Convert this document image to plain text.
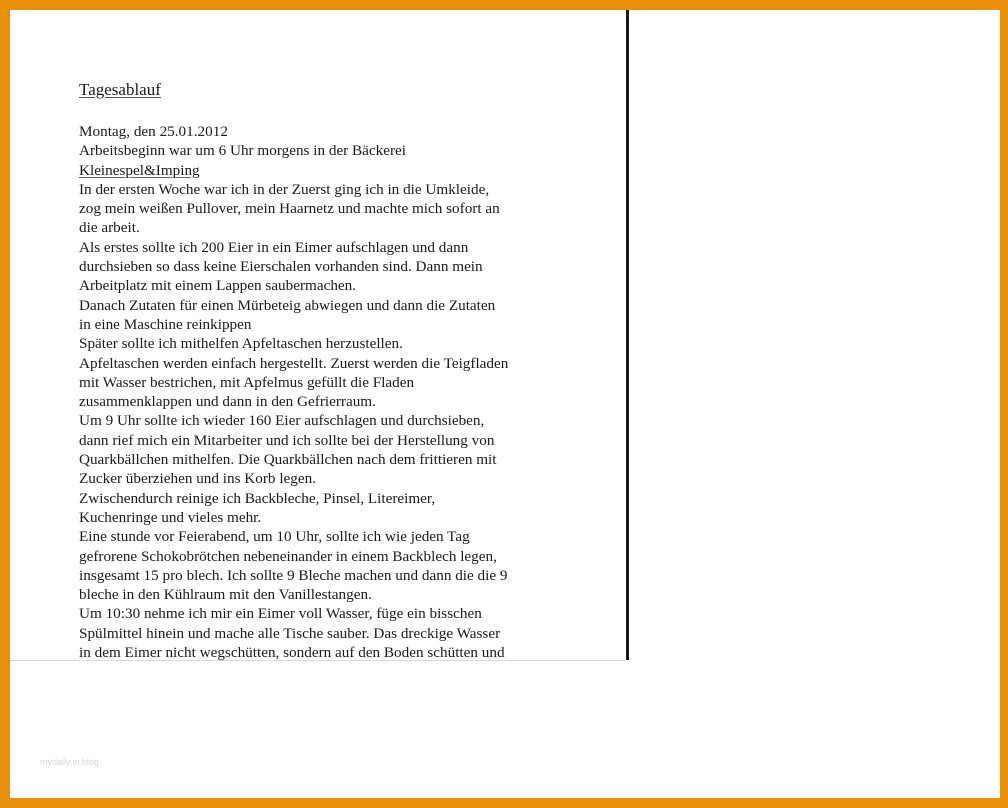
Tagesablauf
Montag, den 25.01.2012
Arbeitsbeginn war um 6 Uhr morgens in der Bäckerei
Kleinespel&Imping
In der ersten Woche war ich in der Zuerst ging ich in die Umkleide,
zog mein weißen Pullover, mein Haarnetz und machte mich sofort an
die arbeit.
Als erstes sollte ich 200 Eier in ein Eimer aufschlagen und dann
durchsieben so dass keine Eierschalen vorhanden sind. Dann mein
Arbeitplatz mit einem Lappen saubermachen.
Danach Zutaten für einen Mürbeteig abwiegen und dann die Zutaten
in eine Maschine reinkippen
Später sollte ich mithelfen Apfeltaschen herzustellen.
Apfeltaschen werden einfach hergestellt. Zuerst werden die Teigfladen
mit Wasser bestrichen, mit Apfelmus gefüllt die Fladen
zusammenklappen und dann in den Gefrierraum.
Um 9 Uhr sollte ich wieder 160 Eier aufschlagen und durchsieben,
dann rief mich ein Mitarbeiter und ich sollte bei der Herstellung von
Quarkbällchen mithelfen. Die Quarkbällchen nach dem frittieren mit
Zucker überziehen und ins Korb legen.
Zwischendurch reinige ich Backbleche, Pinsel, Litereimer,
Kuchenringe und vieles mehr.
Eine stunde vor Feierabend, um 10 Uhr, sollte ich wie jeden Tag
gefrorene Schokobrötchen nebeneinander in einem Backblech legen,
insgesamt 15 pro blech. Ich sollte 9 Bleche machen und dann die die 9
bleche in den Kühlraum mit den Vanillestangen.
Um 10:30 nehme ich mir ein Eimer voll Wasser, füge ein bisschen
Spülmittel hinein und mache alle Tische sauber. Das dreckige Wasser
in dem Eimer nicht wegschütten, sondern auf den Boden schütten und
mydaily.in.blog
